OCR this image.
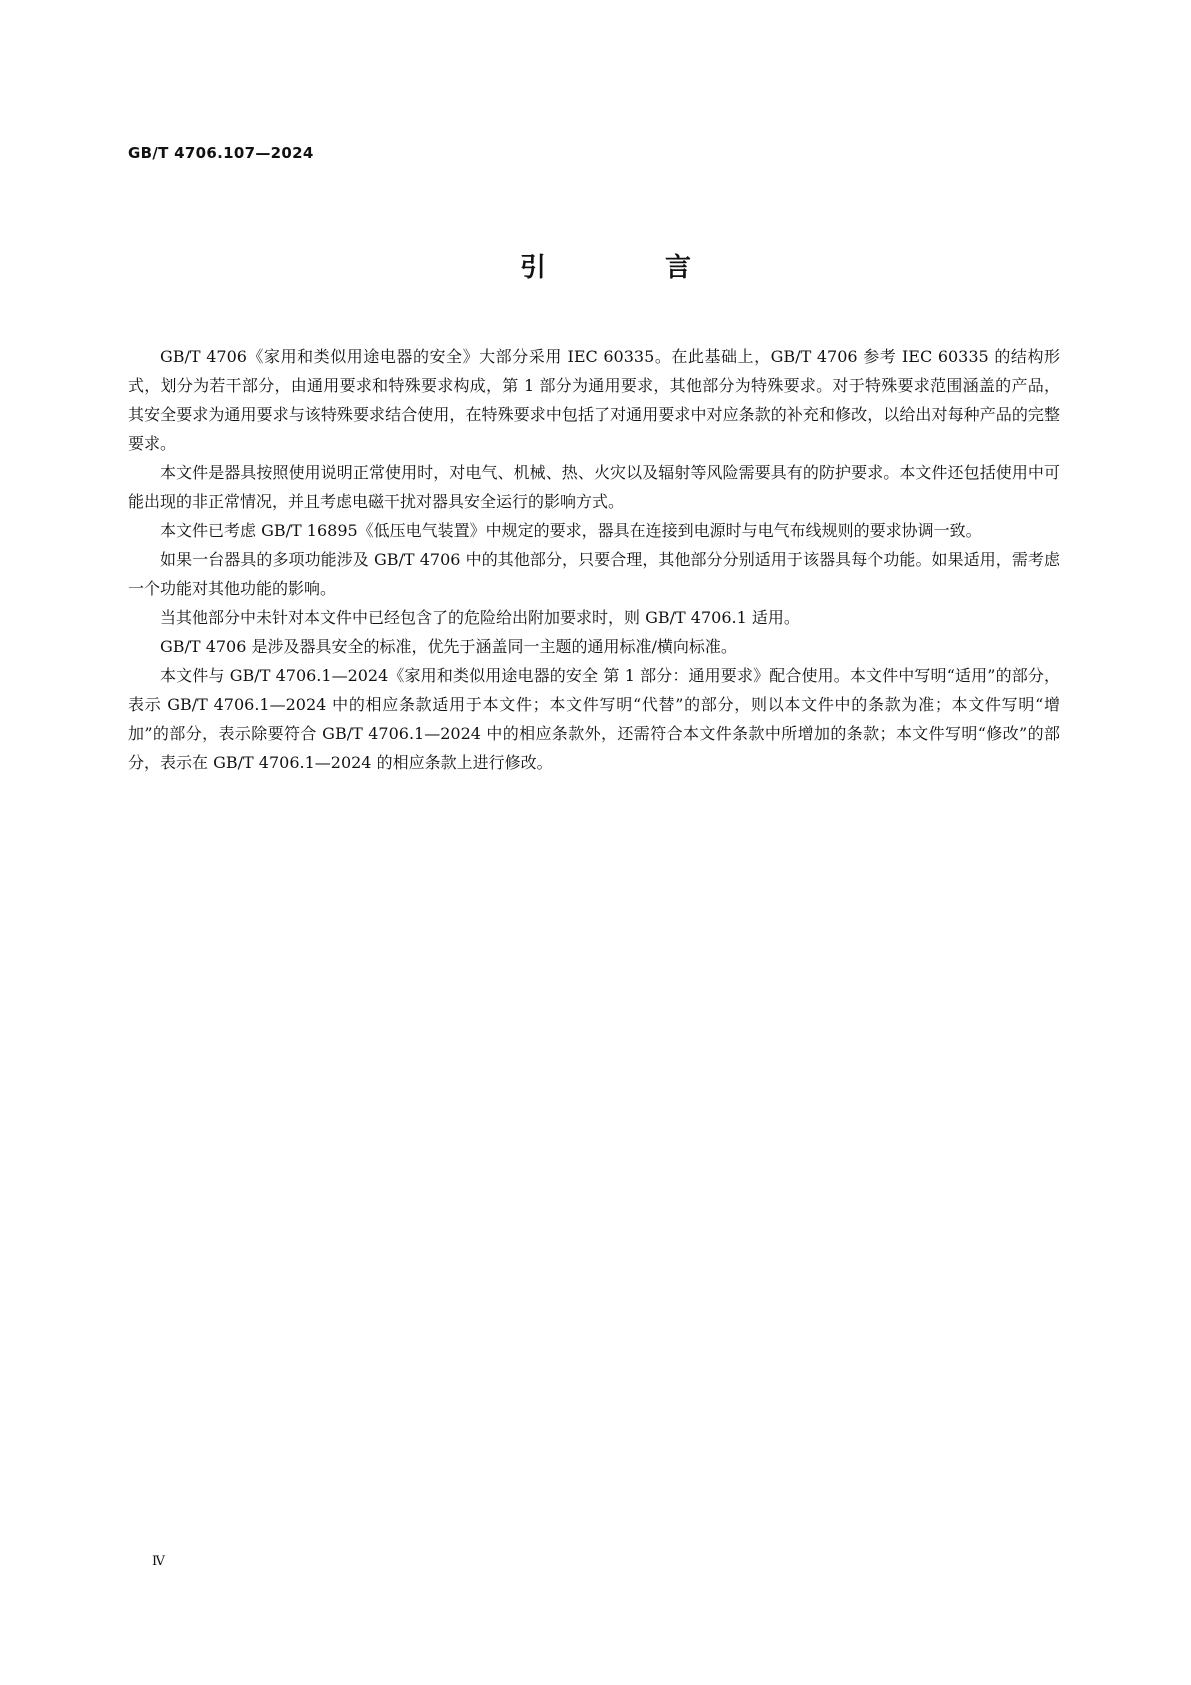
GB/T 4706.107—2024
引 言

GB/T 4706《家用和类似用途电器的安全》大部分采用 IEC 60335。在此基础上，GB/T 4706 参考 IEC 60335 的结构形式，划分为若干部分，由通用要求和特殊要求构成，第 1 部分为通用要求，其他部分为特殊要求。对于特殊要求范围涵盖的产品，其安全要求为通用要求与该特殊要求结合使用，在特殊要求中包括了对通用要求中对应条款的补充和修改，以给出对每种产品的完整要求。

本文件是器具按照使用说明正常使用时，对电气、机械、热、火灾以及辐射等风险需要具有的防护要求。本文件还包括使用中可能出现的非正常情况，并且考虑电磁干扰对器具安全运行的影响方式。

本文件已考虑 GB/T 16895《低压电气装置》中规定的要求，器具在连接到电源时与电气布线规则的要求协调一致。

如果一台器具的多项功能涉及 GB/T 4706 中的其他部分，只要合理，其他部分分别适用于该器具每个功能。如果适用，需考虑一个功能对其他功能的影响。

当其他部分中未针对本文件中已经包含了的危险给出附加要求时，则 GB/T 4706.1 适用。

GB/T 4706 是涉及器具安全的标准，优先于涵盖同一主题的通用标准/横向标准。

本文件与 GB/T 4706.1—2024《家用和类似用途电器的安全 第 1 部分：通用要求》配合使用。本文件中写明“适用”的部分，表示 GB/T 4706.1—2024 中的相应条款适用于本文件；本文件写明“代替”的部分，则以本文件中的条款为准；本文件写明“增加”的部分，表示除要符合 GB/T 4706.1—2024 中的相应条款外，还需符合本文件条款中所增加的条款；本文件写明“修改”的部分，表示在 GB/T 4706.1—2024 的相应条款上进行修改。

Ⅳ
